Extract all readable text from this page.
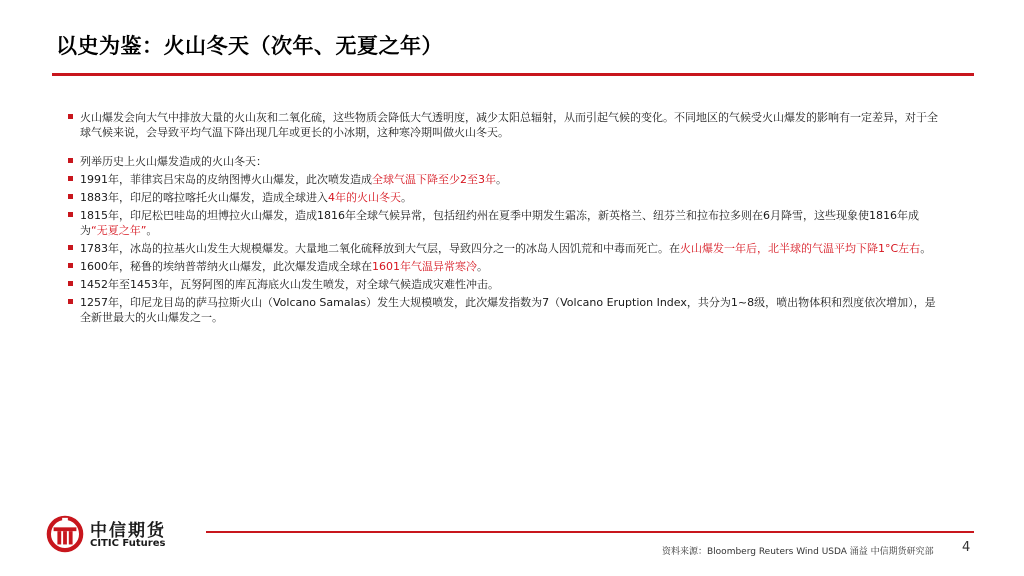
以史为鉴：火山冬天（次年、无夏之年）
火山爆发会向大气中排放大量的火山灰和二氧化硫，这些物质会降低大气透明度，减少太阳总辐射，从而引起气候的变化。不同地区的气候受火山爆发的影响有一定差异，对于全球气候来说，会导致平均气温下降出现几年或更长的小冰期，这种寒冷期叫做火山冬天。
列举历史上火山爆发造成的火山冬天：
1991年，菲律宾吕宋岛的皮纳图博火山爆发，此次喷发造成全球气温下降至少2至3年。
1883年，印尼的喀拉喀托火山爆发，造成全球进入4年的火山冬天。
1815年，印尼松巴哇岛的坦博拉火山爆发，造成1816年全球气候异常，包括纽约州在夏季中期发生霜冻，新英格兰、纽芬兰和拉布拉多则在6月降雪，这些现象使1816年成为“无夏之年”。
1783年，冰岛的拉基火山发生大规模爆发。大量地二氧化硫释放到大气层，导致四分之一的冰岛人因饥荒和中毒而死亡。在火山爆发一年后，北半球的气温平均下降1°C左右。
1600年，秘鲁的埃纳普蒂纳火山爆发，此次爆发造成全球在1601年气温异常寒冷。
1452年至1453年，瓦努阿图的库瓦海底火山发生喷发，对全球气候造成灾难性冲击。
1257年，印尼龙目岛的萨马拉斯火山（Volcano Samalas）发生大规模喷发，此次爆发指数为7（Volcano Eruption Index，共分为1~8级，喷出物体积和烈度依次增加），是全新世最大的火山爆发之一。
中信期货
CITIC Futures
资料来源：Bloomberg Reuters Wind USDA 涌益 中信期货研究部 4
